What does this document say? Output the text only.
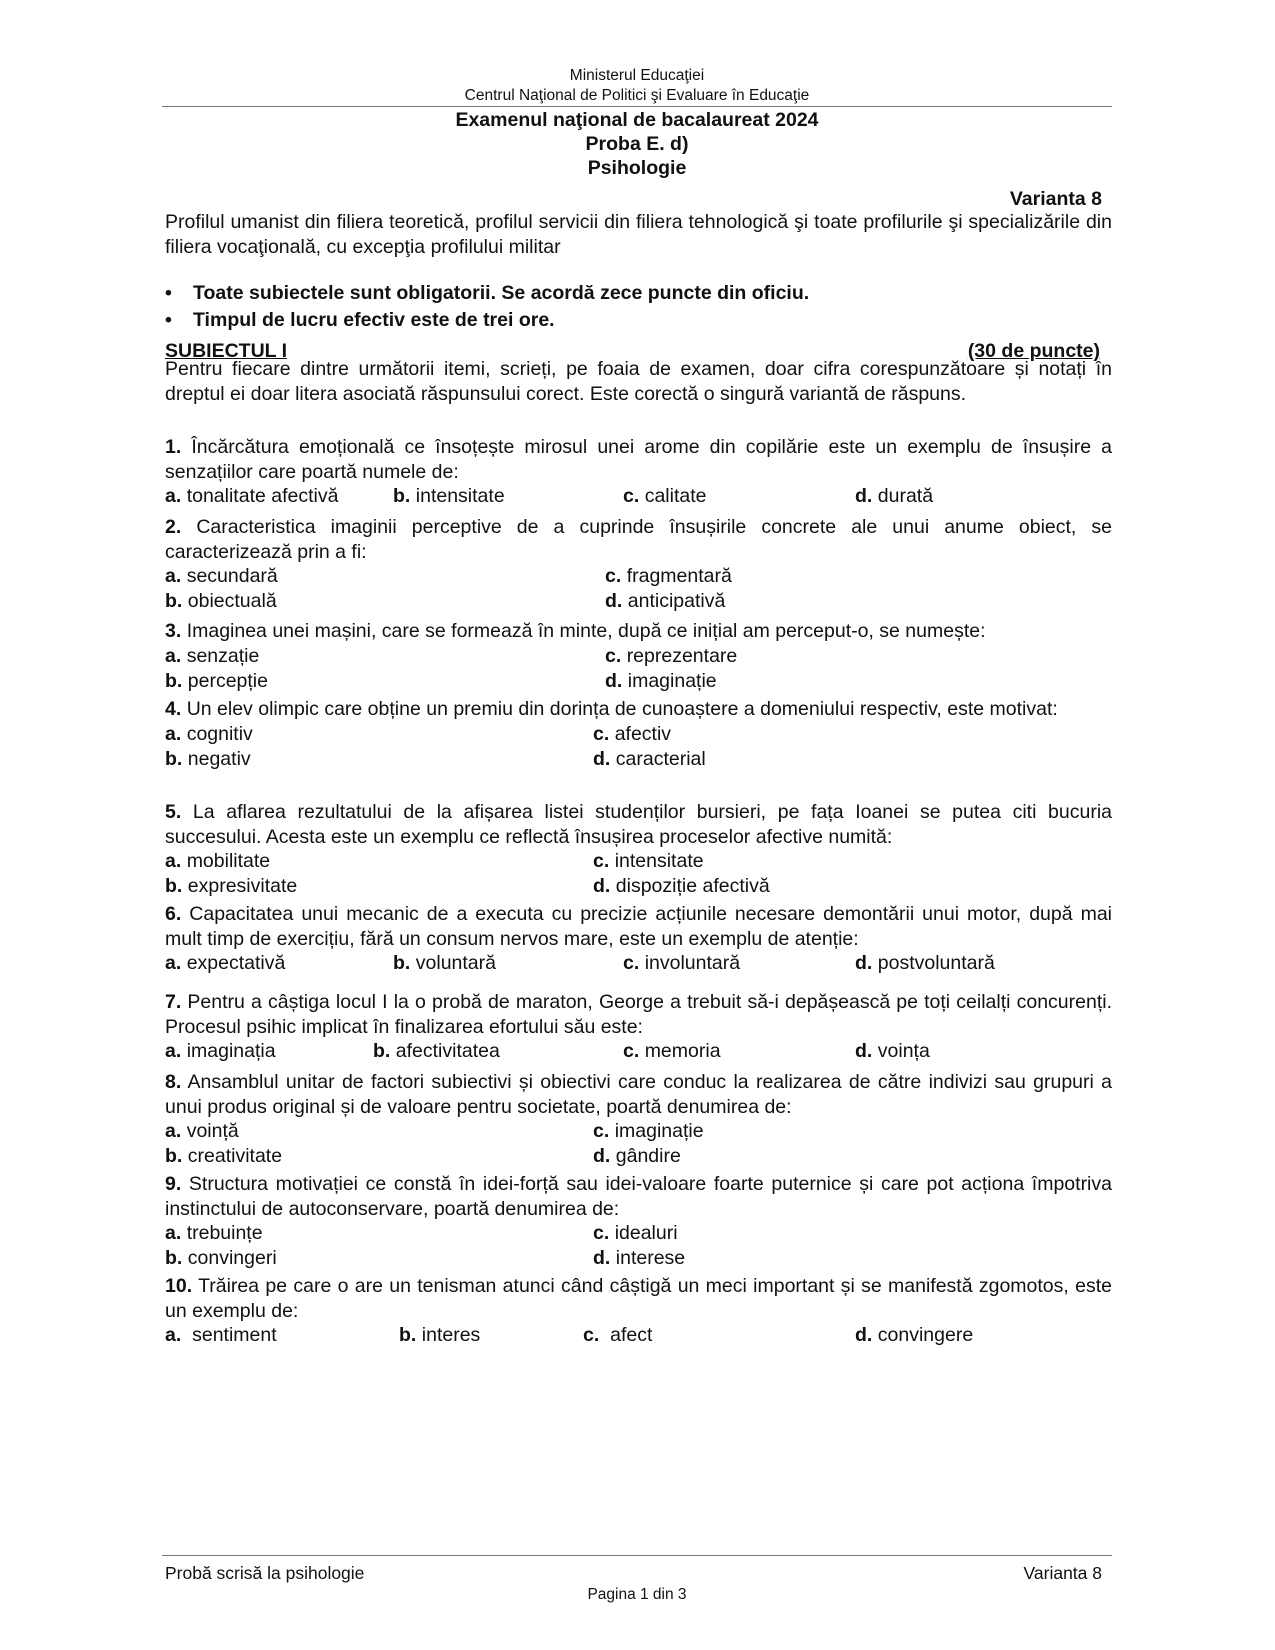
Ministerul Educaţiei
Centrul Naţional de Politici şi Evaluare în Educaţie
Examenul naţional de bacalaureat 2024
Proba E. d)
Psihologie
Varianta 8
Profilul umanist din filiera teoretică, profilul servicii din filiera tehnologică şi toate profilurile şi specializările din filiera vocaţională, cu excepţia profilului militar
• Toate subiectele sunt obligatorii. Se acordă zece puncte din oficiu.
• Timpul de lucru efectiv este de trei ore.
SUBIECTUL I	(30 de puncte)
Pentru fiecare dintre următorii itemi, scrieți, pe foaia de examen, doar cifra corespunzătoare și notați în dreptul ei doar litera asociată răspunsului corect. Este corectă o singură variantă de răspuns.
1. Încărcătura emoțională ce însoțește mirosul unei arome din copilărie este un exemplu de însușire a senzațiilor care poartă numele de:
a. tonalitate afectivă	b. intensitate	c. calitate	d. durată
2. Caracteristica imaginii perceptive de a cuprinde însușirile concrete ale unui anume obiect, se caracterizează prin a fi:
a. secundară	c. fragmentară
b. obiectuală	d. anticipativă
3. Imaginea unei mașini, care se formează în minte, după ce inițial am perceput-o, se numește:
a. senzație	c. reprezentare
b. percepție	d. imaginație
4. Un elev olimpic care obține un premiu din dorința de cunoaștere a domeniului respectiv, este motivat:
a. cognitiv	c. afectiv
b. negativ	d. caracterial
5. La aflarea rezultatului de la afișarea listei studenților bursieri, pe fața Ioanei se putea citi bucuria succesului. Acesta este un exemplu ce reflectă însușirea proceselor afective numită:
a. mobilitate	c. intensitate
b. expresivitate	d. dispoziție afectivă
6. Capacitatea unui mecanic de a executa cu precizie acțiunile necesare demontării unui motor, după mai mult timp de exercițiu, fără un consum nervos mare, este un exemplu de atenție:
a. expectativă	b. voluntară	c. involuntară	d. postvoluntară
7. Pentru a câștiga locul I la o probă de maraton, George a trebuit să-i depășească pe toți ceilalți concurenți. Procesul psihic implicat în finalizarea efortului său este:
a. imaginația	b. afectivitatea	c. memoria	d. voința
8. Ansamblul unitar de factori subiectivi și obiectivi care conduc la realizarea de către indivizi sau grupuri a unui produs original și de valoare pentru societate, poartă denumirea de:
a. voință	c. imaginație
b. creativitate	d. gândire
9. Structura motivației ce constă în idei-forță sau idei-valoare foarte puternice și care pot acționa împotriva instinctului de autoconservare, poartă denumirea de:
a. trebuințe	c. idealuri
b. convingeri	d. interese
10. Trăirea pe care o are un tenisman atunci când câștigă un meci important și se manifestă zgomotos, este un exemplu de:
a.  sentiment	b. interes	c.  afect	d. convingere
Probă scrisă la psihologie	Varianta 8
Pagina 1 din 3
